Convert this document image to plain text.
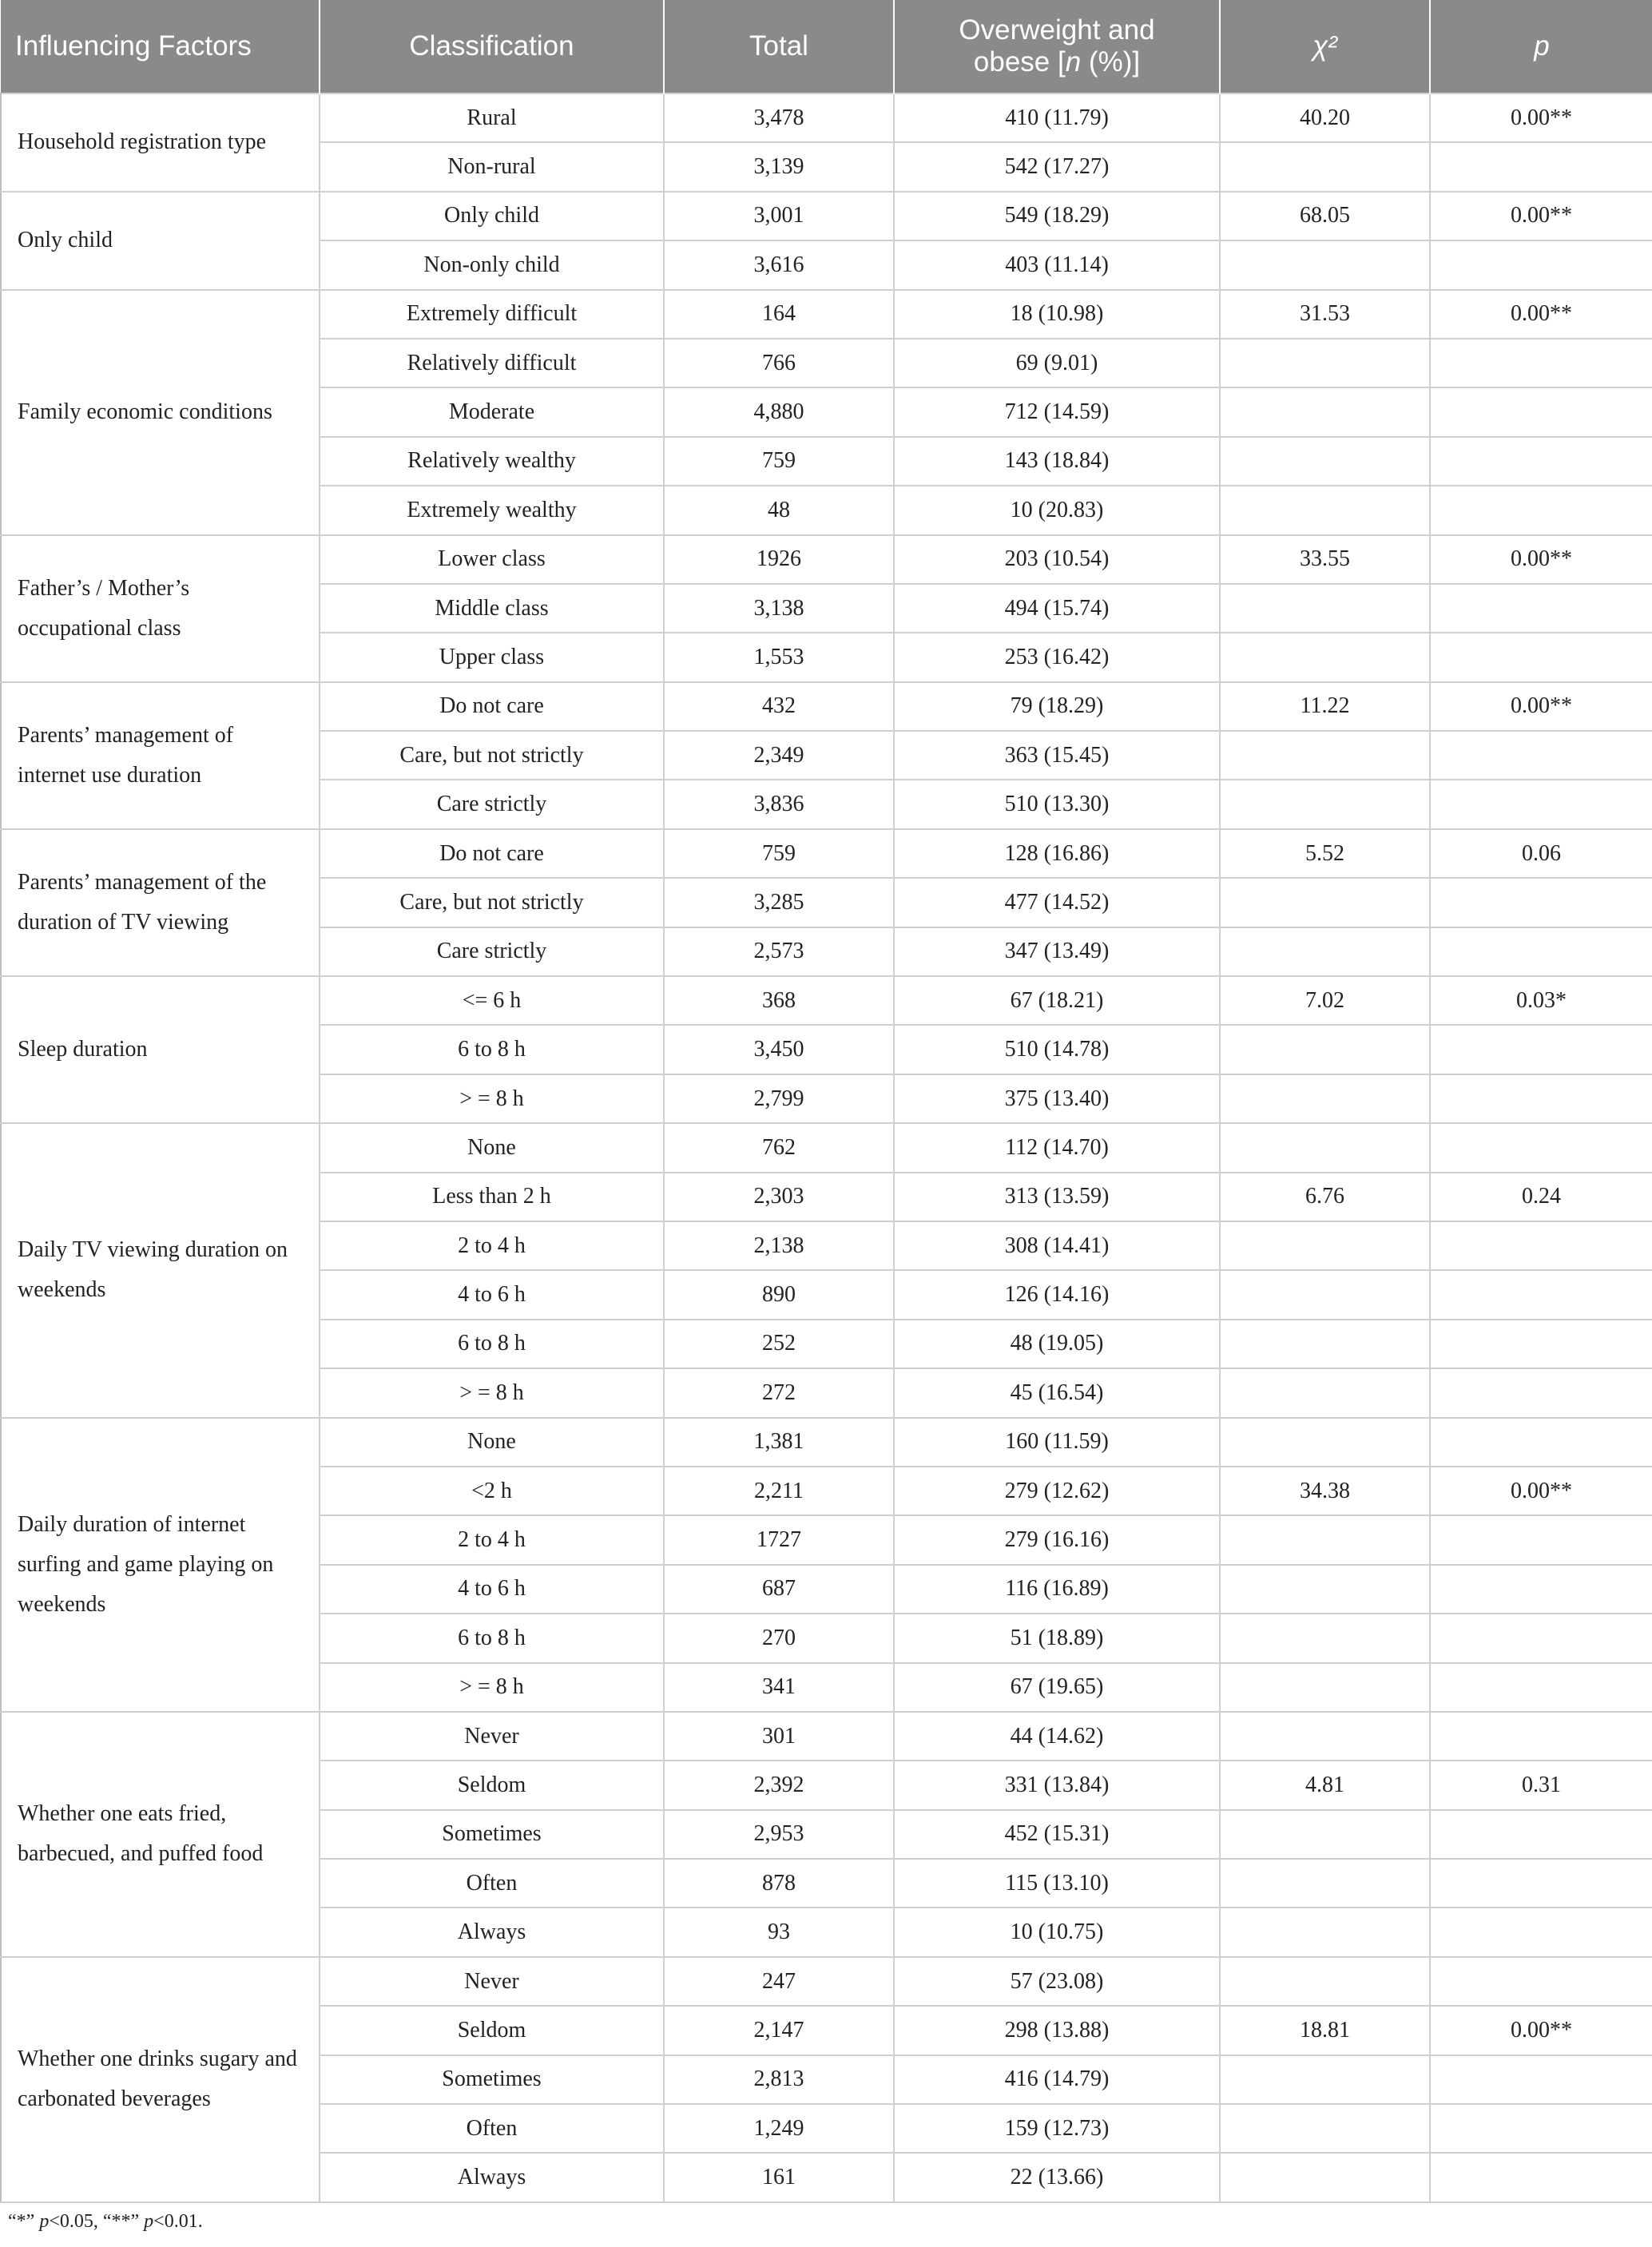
Influencing Factors	Classification	Total	Overweight and
obese [n (%)]	χ²	p
Household registration type	Rural	3,478	410 (11.79)	40.20	0.00**
	Non-rural	3,139	542 (17.27)		
Only child	Only child	3,001	549 (18.29)	68.05	0.00**
	Non-only child	3,616	403 (11.14)		
Family economic conditions	Extremely difficult	164	18 (10.98)	31.53	0.00**
	Relatively difficult	766	69 (9.01)		
	Moderate	4,880	712 (14.59)		
	Relatively wealthy	759	143 (18.84)		
	Extremely wealthy	48	10 (20.83)		
Father’s / Mother’s occupational class	Lower class	1926	203 (10.54)	33.55	0.00**
	Middle class	3,138	494 (15.74)		
	Upper class	1,553	253 (16.42)		
Parents’ management of internet use duration	Do not care	432	79 (18.29)	11.22	0.00**
	Care, but not strictly	2,349	363 (15.45)		
	Care strictly	3,836	510 (13.30)		
Parents’ management of the duration of TV viewing	Do not care	759	128 (16.86)	5.52	0.06
	Care, but not strictly	3,285	477 (14.52)		
	Care strictly	2,573	347 (13.49)		
Sleep duration	<= 6 h	368	67 (18.21)	7.02	0.03*
	6 to 8 h	3,450	510 (14.78)		
	> = 8 h	2,799	375 (13.40)		
Daily TV viewing duration on weekends	None	762	112 (14.70)		
	Less than 2 h	2,303	313 (13.59)	6.76	0.24
	2 to 4 h	2,138	308 (14.41)		
	4 to 6 h	890	126 (14.16)		
	6 to 8 h	252	48 (19.05)		
	> = 8 h	272	45 (16.54)		
Daily duration of internet surfing and game playing on weekends	None	1,381	160 (11.59)		
	<2 h	2,211	279 (12.62)	34.38	0.00**
	2 to 4 h	1727	279 (16.16)		
	4 to 6 h	687	116 (16.89)		
	6 to 8 h	270	51 (18.89)		
	> = 8 h	341	67 (19.65)		
Whether one eats fried, barbecued, and puffed food	Never	301	44 (14.62)		
	Seldom	2,392	331 (13.84)	4.81	0.31
	Sometimes	2,953	452 (15.31)		
	Often	878	115 (13.10)		
	Always	93	10 (10.75)		
Whether one drinks sugary and carbonated beverages	Never	247	57 (23.08)		
	Seldom	2,147	298 (13.88)	18.81	0.00**
	Sometimes	2,813	416 (14.79)		
	Often	1,249	159 (12.73)		
	Always	161	22 (13.66)		
“*” p<0.05, “**” p<0.01.
